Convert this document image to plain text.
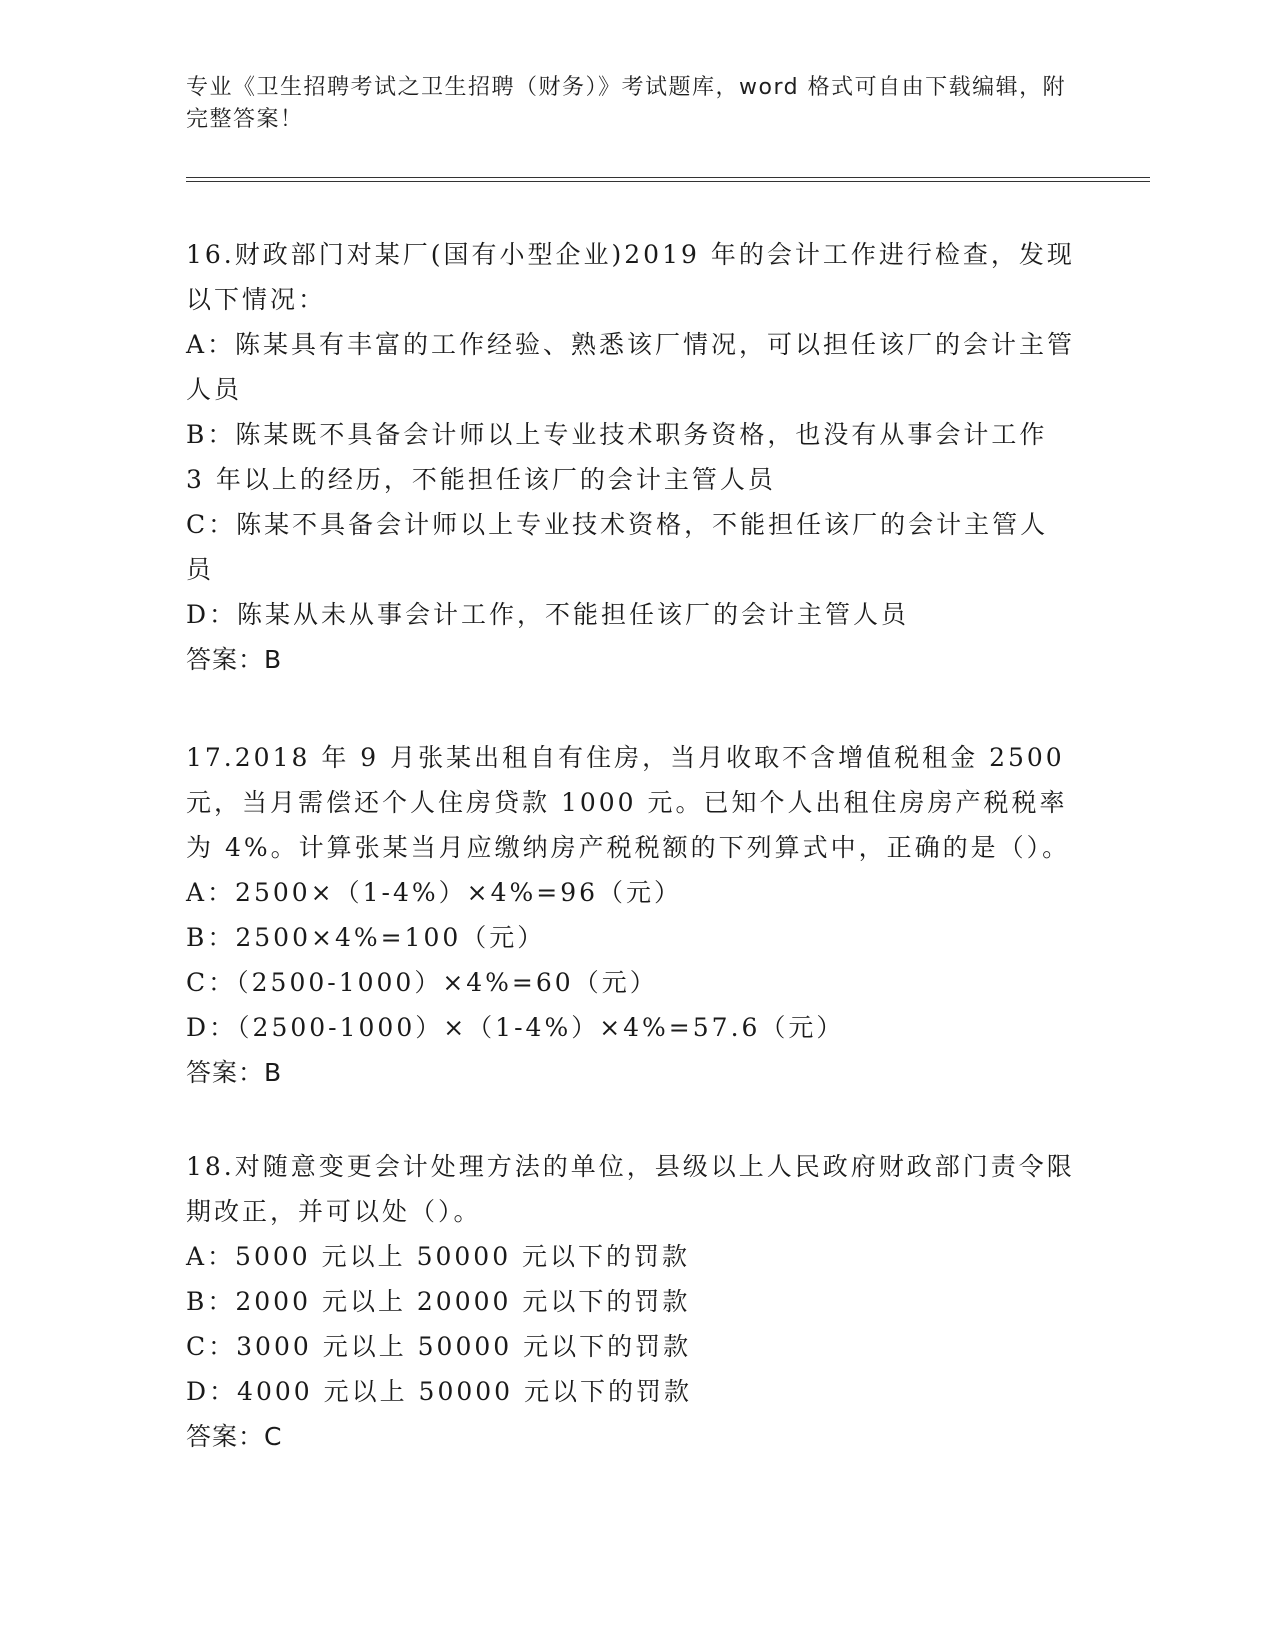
专业《卫生招聘考试之卫生招聘（财务）》考试题库，word 格式可自由下载编辑，附完整答案！

16.财政部门对某厂(国有小型企业)2019 年的会计工作进行检查，发现以下情况：

A：陈某具有丰富的工作经验、熟悉该厂情况，可以担任该厂的会计主管人员

B：陈某既不具备会计师以上专业技术职务资格，也没有从事会计工作 3 年以上的经历，不能担任该厂的会计主管人员

C：陈某不具备会计师以上专业技术资格，不能担任该厂的会计主管人员

D：陈某从未从事会计工作，不能担任该厂的会计主管人员

答案：B

17.2018 年 9 月张某出租自有住房，当月收取不含增值税租金 2500 元，当月需偿还个人住房贷款 1000 元。已知个人出租住房房产税税率为 4%。计算张某当月应缴纳房产税税额的下列算式中，正确的是（）。

A：2500×（1-4%）×4%=96（元）

B：2500×4%=100（元）

C：（2500-1000）×4%=60（元）

D：（2500-1000）×（1-4%）×4%=57.6（元）

答案：B

18.对随意变更会计处理方法的单位，县级以上人民政府财政部门责令限期改正，并可以处（）。

A：5000 元以上 50000 元以下的罚款

B：2000 元以上 20000 元以下的罚款

C：3000 元以上 50000 元以下的罚款

D：4000 元以上 50000 元以下的罚款

答案：C
